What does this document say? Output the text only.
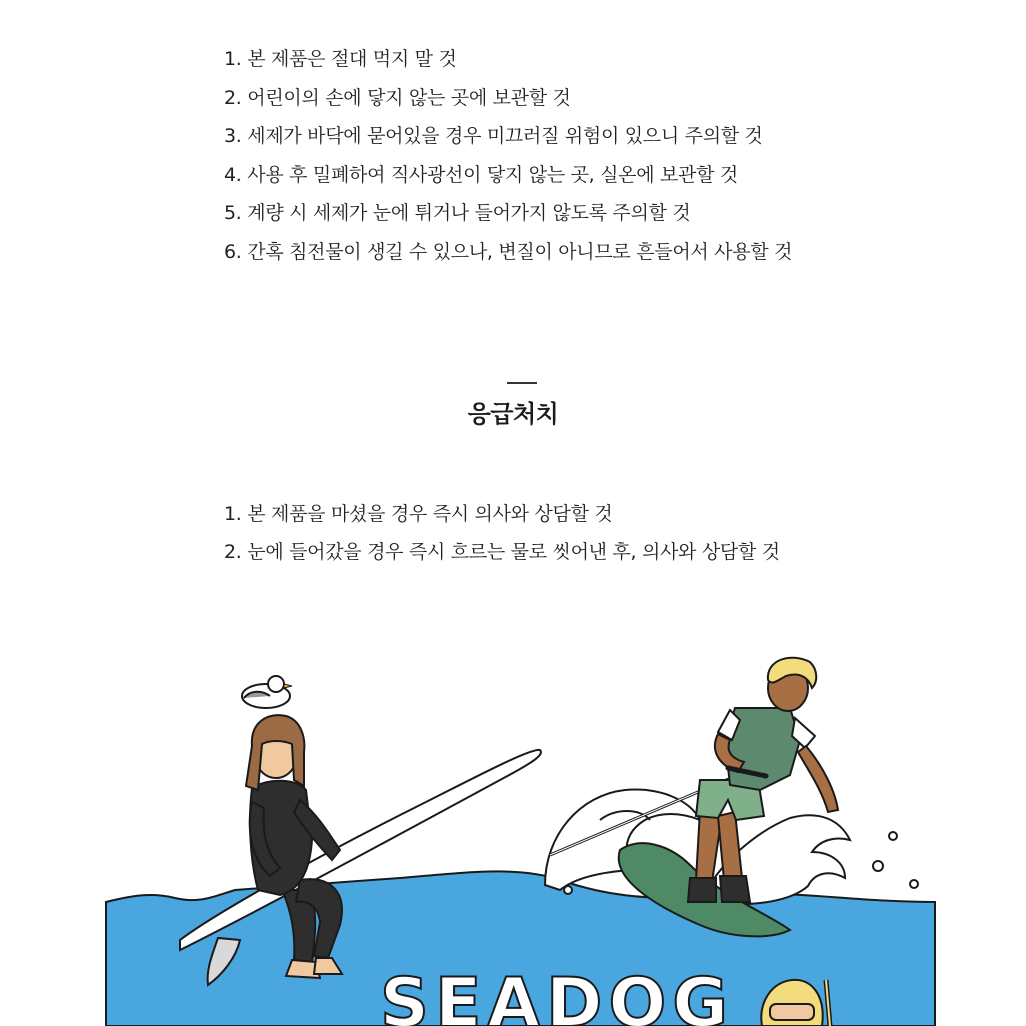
1. 본 제품은 절대 먹지 말 것
2. 어린이의 손에 닿지 않는 곳에 보관할 것
3. 세제가 바닥에 묻어있을 경우 미끄러질 위험이 있으니 주의할 것
4. 사용 후 밀폐하여 직사광선이 닿지 않는 곳, 실온에 보관할 것
5. 계량 시 세제가 눈에 튀거나 들어가지 않도록 주의할 것
6. 간혹 침전물이 생길 수 있으나, 변질이 아니므로 흔들어서 사용할 것
응급처치
1. 본 제품을 마셨을 경우 즉시 의사와 상담할 것
2. 눈에 들어갔을 경우 즉시 흐르는 물로 씻어낸 후, 의사와 상담할 것
SEADOG
